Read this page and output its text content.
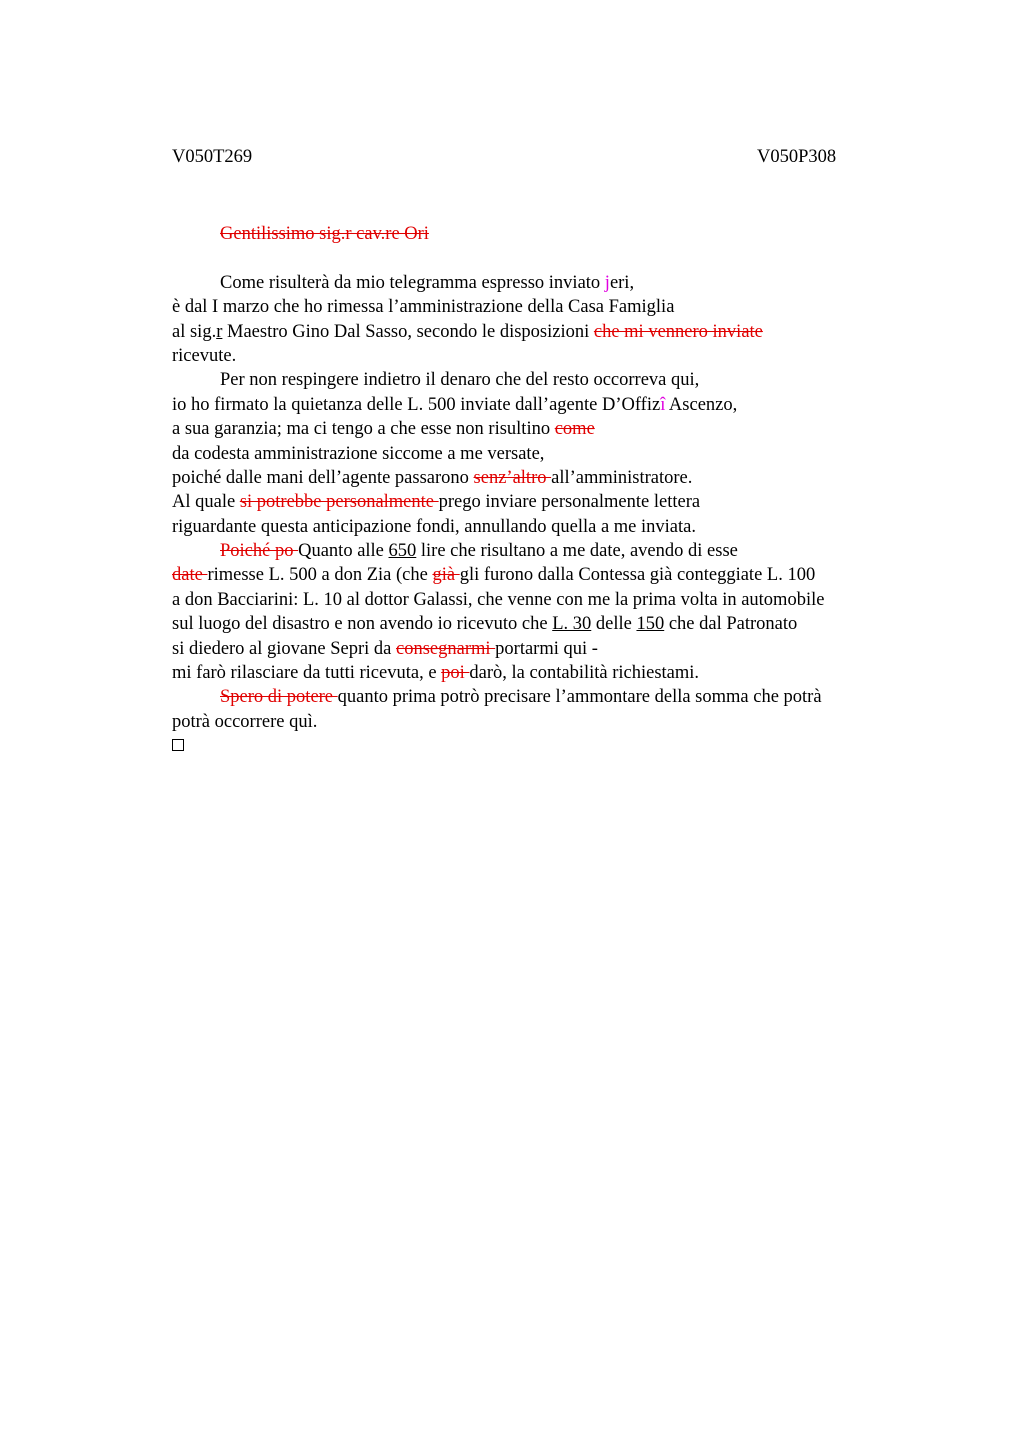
V050T269	V050P308
Gentilissimo sig.r cav.re Ori
Come risulterà da mio telegramma espresso inviato jeri,
è dal I marzo che ho rimessa l’amministrazione della Casa Famiglia
al sig.r Maestro Gino Dal Sasso, secondo le disposizioni che mi vennero inviate
ricevute.
Per non respingere indietro il denaro che del resto occorreva qui,
io ho firmato la quietanza delle L. 500 inviate dall’agente D’Offizî Ascenzo,
a sua garanzia; ma ci tengo a che esse non risultino come
da codesta amministrazione siccome a me versate,
poiché dalle mani dell’agente passarono senz’altro all’amministratore.
Al quale si potrebbe personalmente prego inviare personalmente lettera
riguardante questa anticipazione fondi, annullando quella a me inviata.
Poiché po Quanto alle 650 lire che risultano a me date, avendo di esse
date rimesse L. 500 a don Zia (che già gli furono dalla Contessa già conteggiate L. 100
a don Bacciarini: L. 10 al dottor Galassi, che venne con me la prima volta in automobile
sul luogo del disastro e non avendo io ricevuto che L. 30 delle 150 che dal Patronato
si diedero al giovane Sepri da consegnarmi portarmi qui -
mi farò rilasciare da tutti ricevuta, e poi darò, la contabilità richiestami.
Spero di potere quanto prima potrò precisare l’ammontare della somma che potrà
potrà occorrere quì.
